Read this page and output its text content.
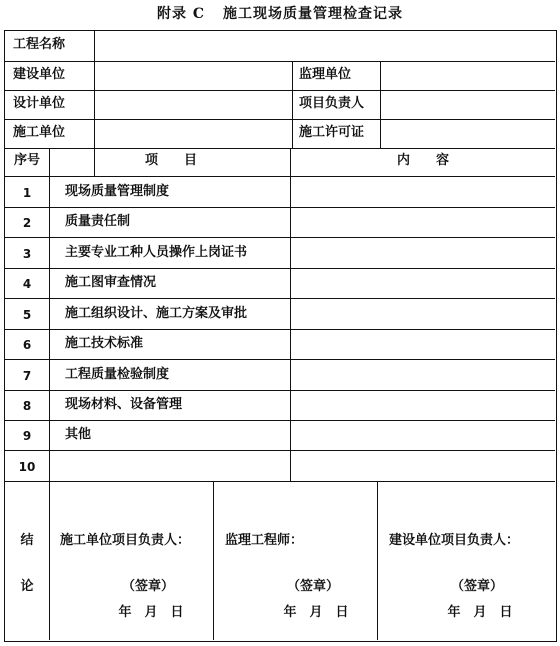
附录 C 施工现场质量管理检查记录
工程名称
建设单位	监理单位
设计单位	项目负责人
施工单位	施工许可证
序号	项　　目	内　　容
1	现场质量管理制度
2	质量责任制
3	主要专业工种人员操作上岗证书
4	施工图审查情况
5	施工组织设计、施工方案及审批
6	施工技术标准
7	工程质量检验制度
8	现场材料、设备管理
9	其他
10
结
论
施工单位项目负责人：
（签章）
年　月　日
监理工程师：
（签章）
年　月　日
建设单位项目负责人：
（签章）
年　月　日
